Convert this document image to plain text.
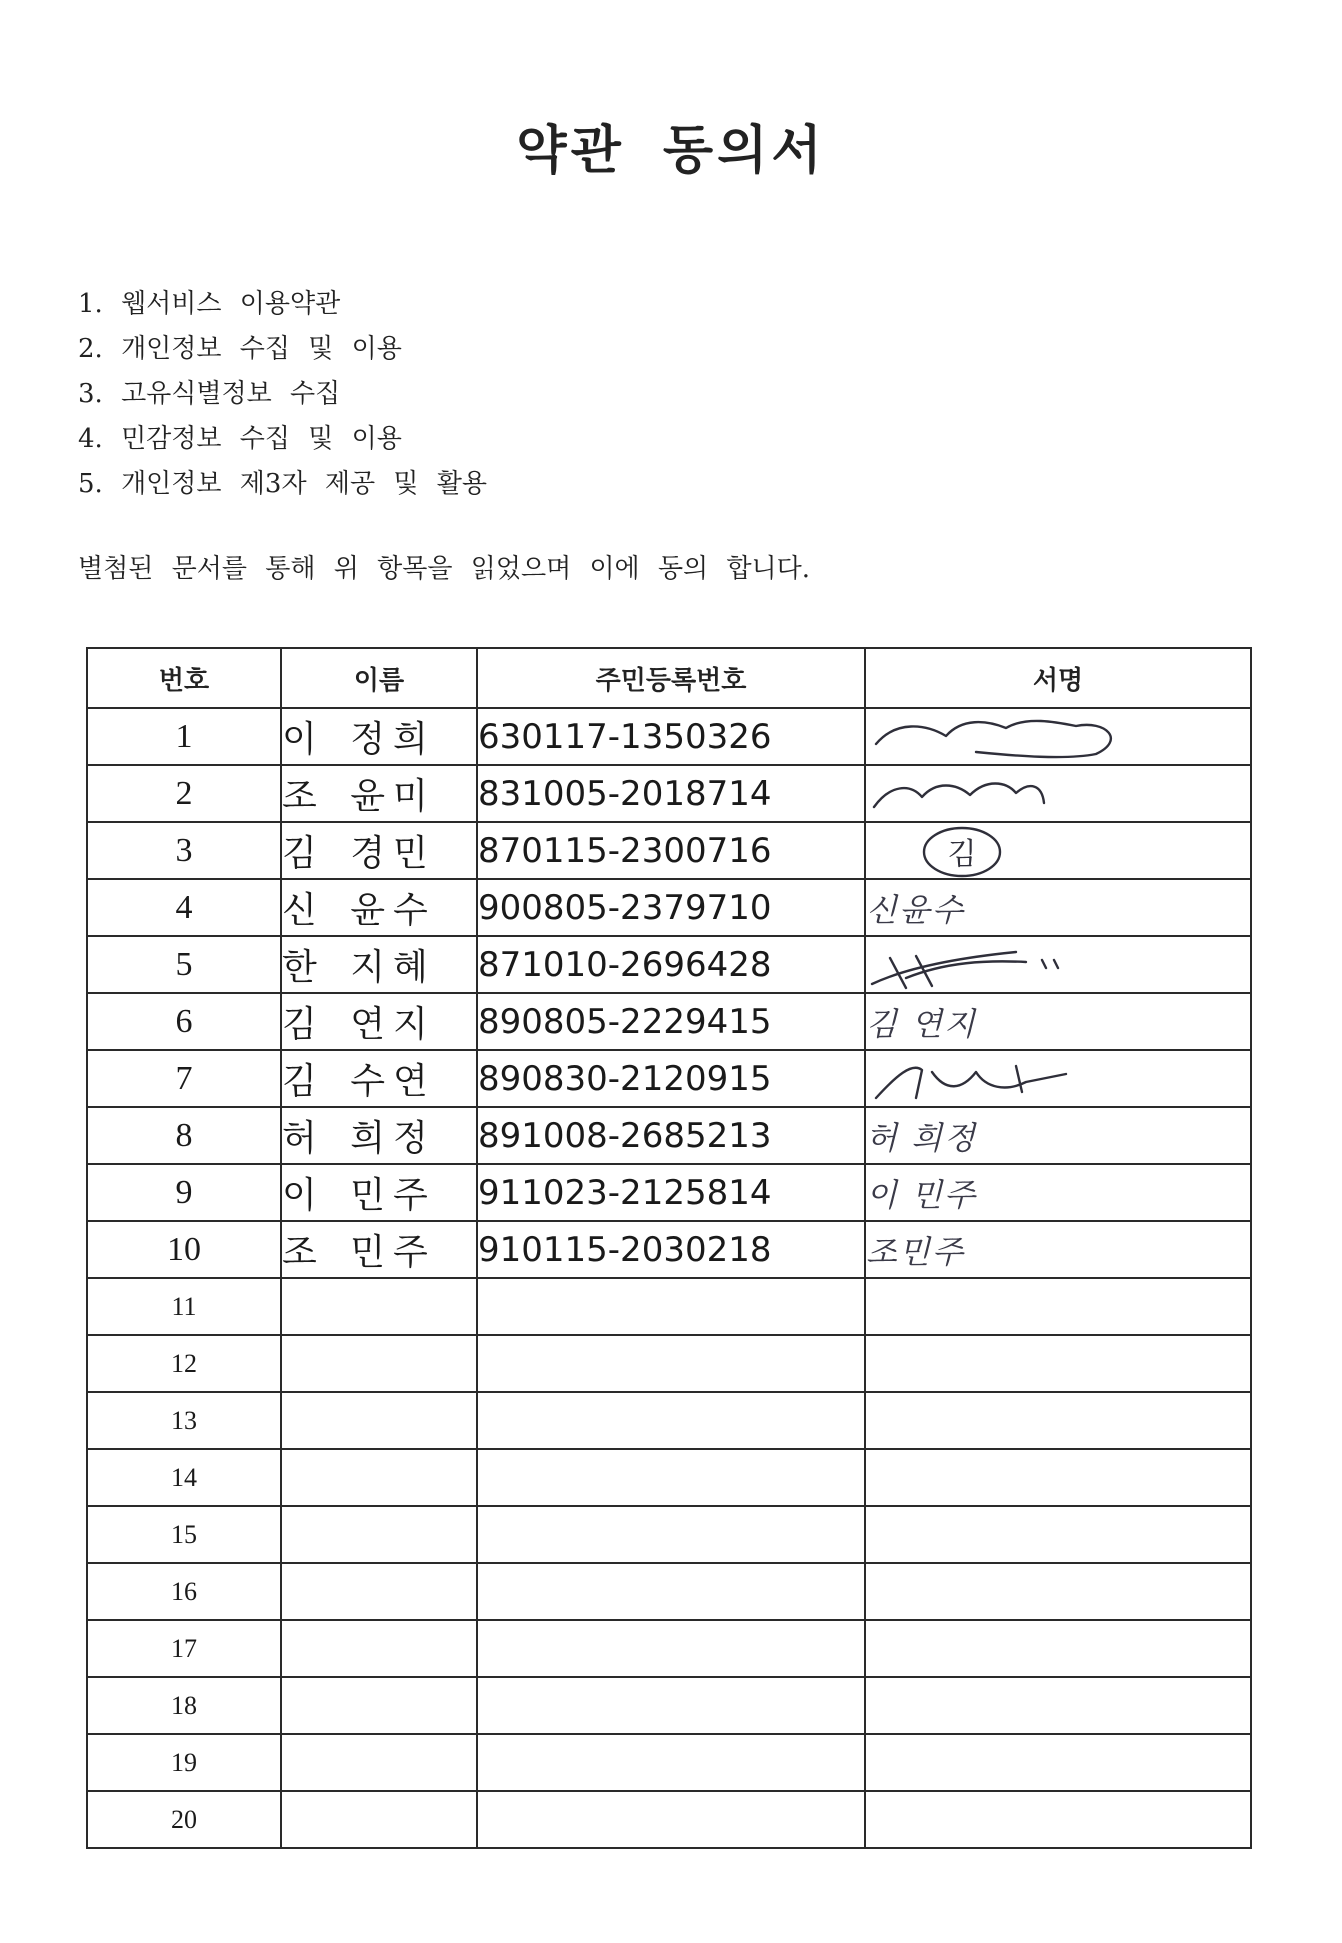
약관 동의서
1. 웹서비스 이용약관
2. 개인정보 수집 및 이용
3. 고유식별정보 수집
4. 민감정보 수집 및 이용
5. 개인정보 제3자 제공 및 활용
별첨된 문서를 통해 위 항목을 읽었으며 이에 동의 합니다.
번호	이름	주민등록번호	서명
1	이 정희	630117-1350326	

2	조 윤미	831005-2018714	

3	김 경민	870115-2300716	김

4	신 윤수	900805-2379710	신윤수
5	한 지혜	871010-2696428	

6	김 연지	890805-2229415	김 연지
7	김 수연	890830-2120915	

8	허 희정	891008-2685213	허 희정
9	이 민주	911023-2125814	이 민주
10	조 민주	910115-2030218	조민주
11			
12			
13			
14			
15			
16			
17			
18			
19			
20			
